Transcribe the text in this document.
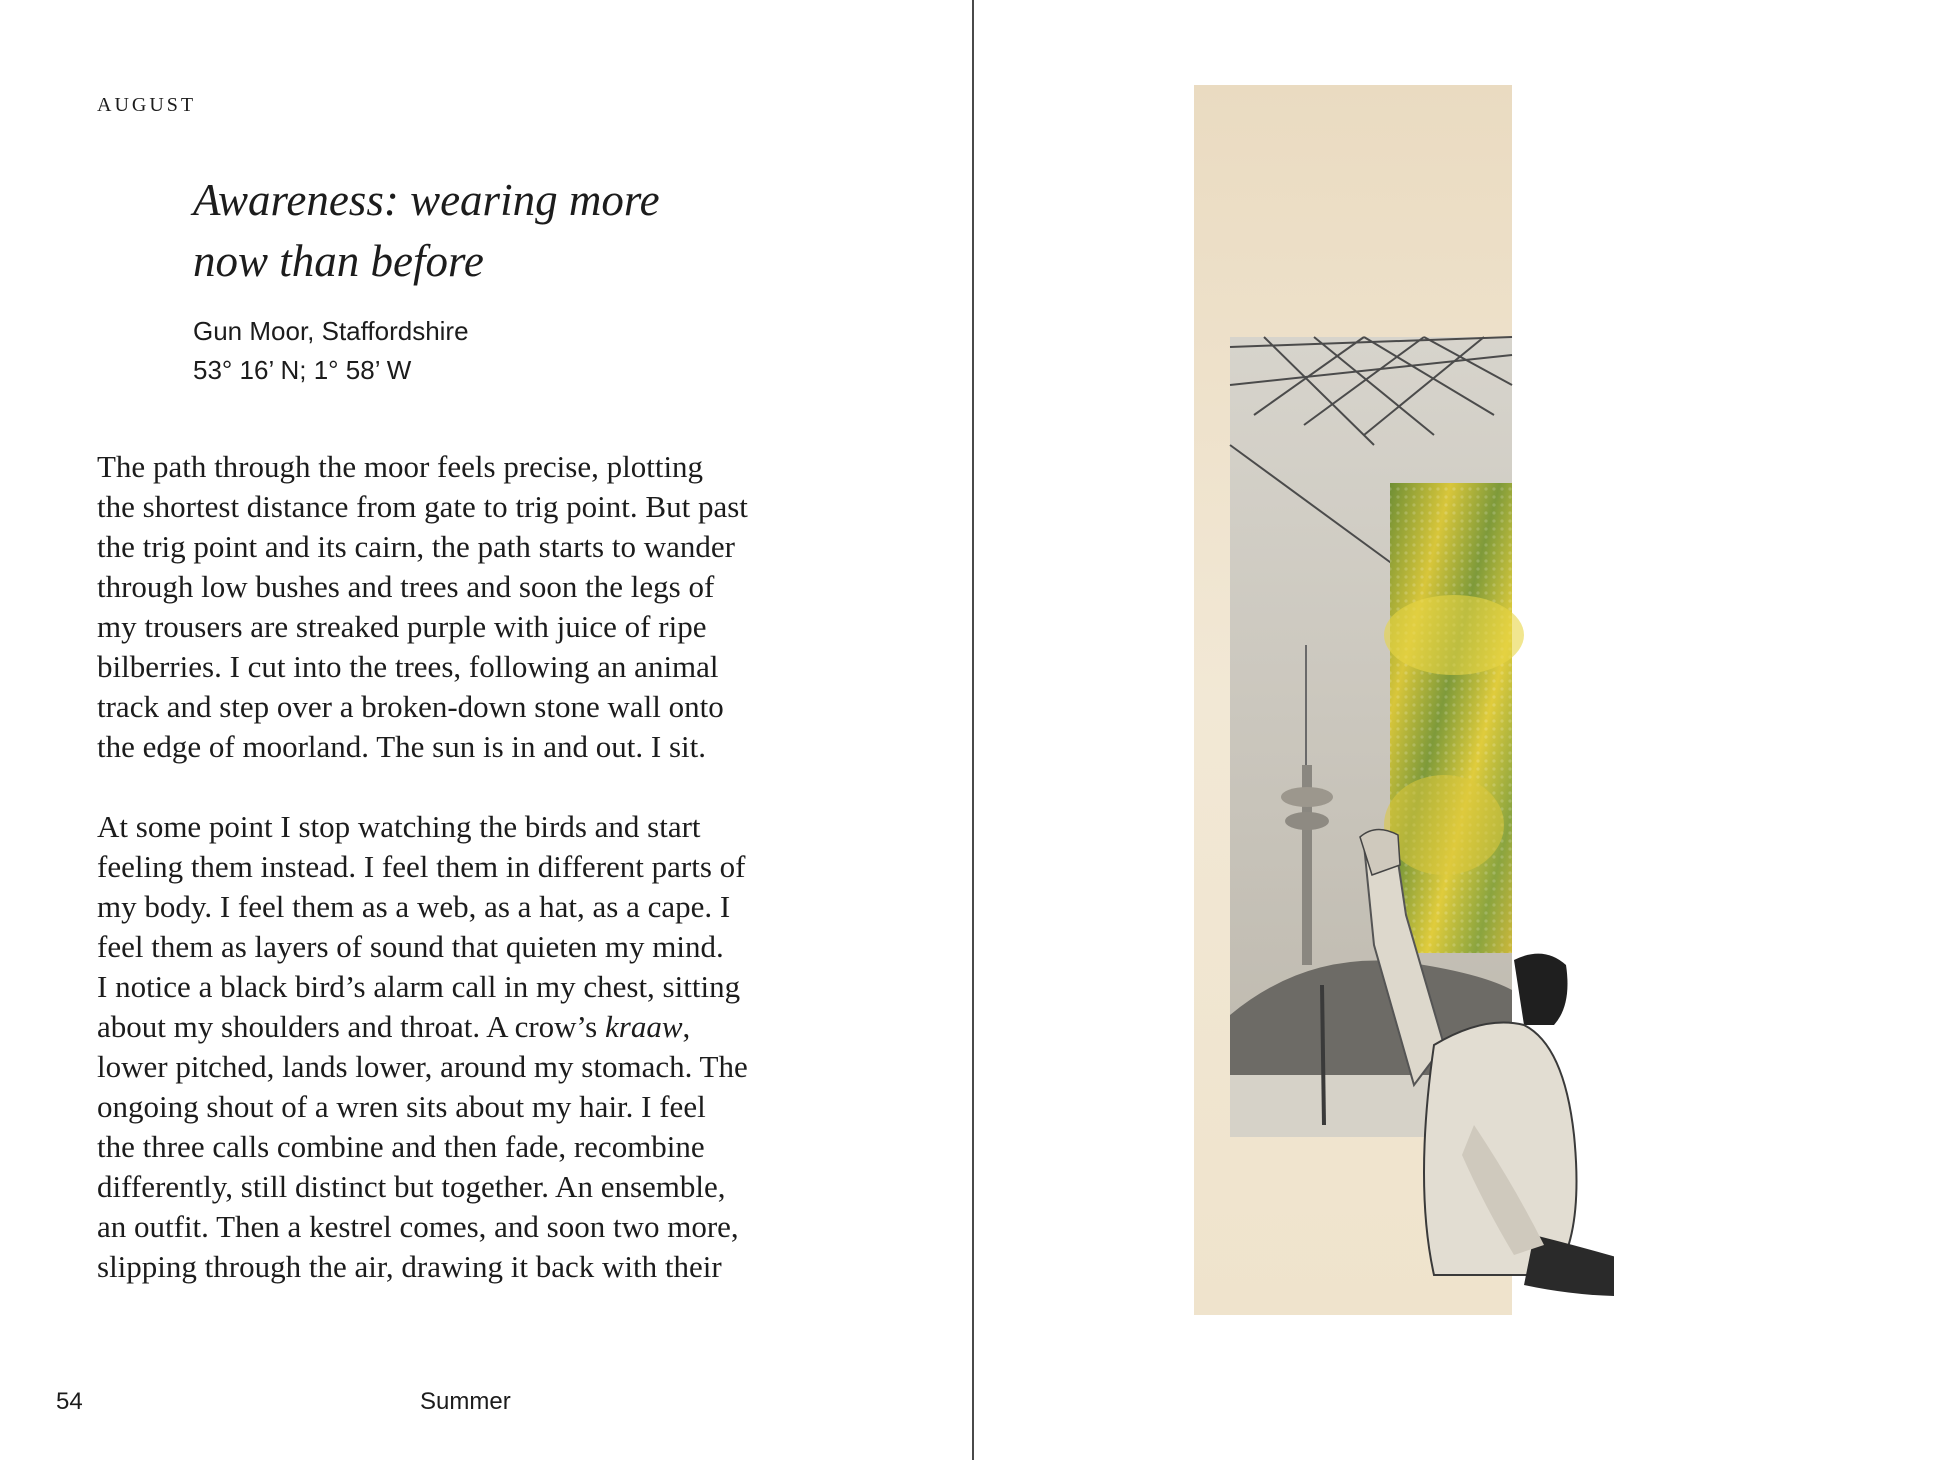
AUGUST
Awareness: wearing more
now than before
Gun Moor, Staffordshire
53° 16’ N; 1° 58’ W

The path through the moor feels precise, plotting
the shortest distance from gate to trig point. But past
the trig point and its cairn, the path starts to wander
through low bushes and trees and soon the legs of
my trousers are streaked purple with juice of ripe
bilberries. I cut into the trees, following an animal
track and step over a broken-down stone wall onto
the edge of moorland. The sun is in and out. I sit.

At some point I stop watching the birds and start
feeling them instead. I feel them in different parts of
my body. I feel them as a web, as a hat, as a cape. I
feel them as layers of sound that quieten my mind.
I notice a black bird’s alarm call in my chest, sitting
about my shoulders and throat. A crow’s kraaw,
lower pitched, lands lower, around my stomach. The
ongoing shout of a wren sits about my hair. I feel
the three calls combine and then fade, recombine
differently, still distinct but together. An ensemble,
an outfit. Then a kestrel comes, and soon two more,
slipping through the air, drawing it back with their

54	Summer
